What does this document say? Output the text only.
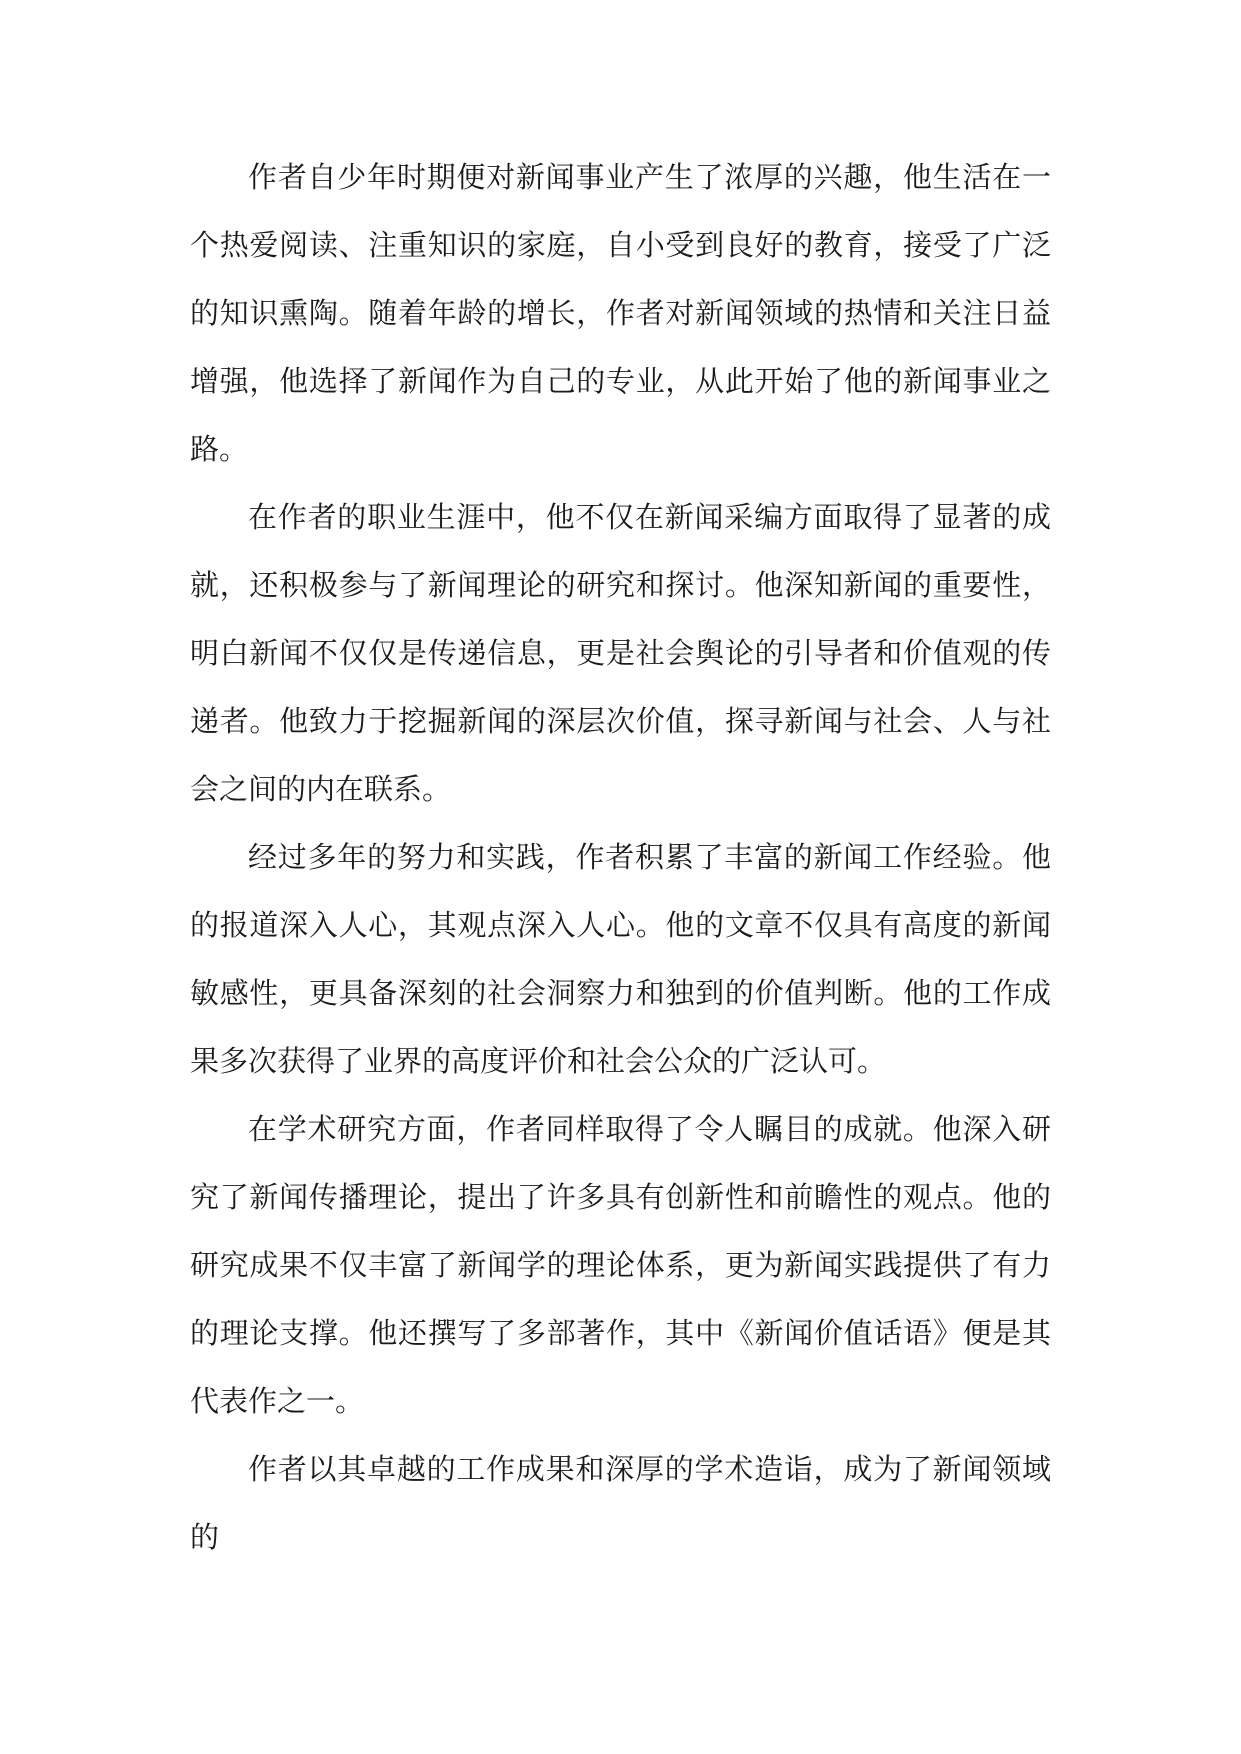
作者自少年时期便对新闻事业产生了浓厚的兴趣，他生活在一个热爱阅读、注重知识的家庭，自小受到良好的教育，接受了广泛的知识熏陶。随着年龄的增长，作者对新闻领域的热情和关注日益增强，他选择了新闻作为自己的专业，从此开始了他的新闻事业之路。

在作者的职业生涯中，他不仅在新闻采编方面取得了显著的成就，还积极参与了新闻理论的研究和探讨。他深知新闻的重要性，明白新闻不仅仅是传递信息，更是社会舆论的引导者和价值观的传递者。他致力于挖掘新闻的深层次价值，探寻新闻与社会、人与社会之间的内在联系。

经过多年的努力和实践，作者积累了丰富的新闻工作经验。他的报道深入人心，其观点深入人心。他的文章不仅具有高度的新闻敏感性，更具备深刻的社会洞察力和独到的价值判断。他的工作成果多次获得了业界的高度评价和社会公众的广泛认可。

在学术研究方面，作者同样取得了令人瞩目的成就。他深入研究了新闻传播理论，提出了许多具有创新性和前瞻性的观点。他的研究成果不仅丰富了新闻学的理论体系，更为新闻实践提供了有力的理论支撑。他还撰写了多部著作，其中《新闻价值话语》便是其代表作之一。

作者以其卓越的工作成果和深厚的学术造诣，成为了新闻领域的
